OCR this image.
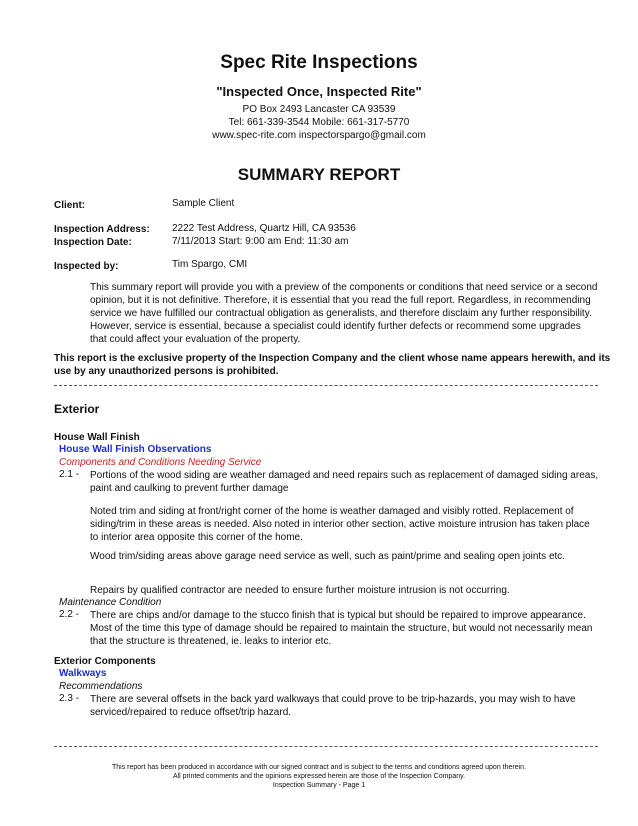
Spec Rite Inspections
"Inspected Once, Inspected Rite"
PO Box 2493 Lancaster CA 93539
Tel: 661-339-3544 Mobile: 661-317-5770
www.spec-rite.com inspectorspargo@gmail.com
SUMMARY REPORT
Client:	Sample Client
Inspection Address: 2222 Test Address, Quartz Hill, CA 93536
Inspection Date:	7/11/2013 Start: 9:00 am End: 11:30 am
Inspected by:	Tim Spargo, CMI
This summary report will provide you with a preview of the components or conditions that need service or a second opinion, but it is not definitive. Therefore, it is essential that you read the full report. Regardless, in recommending service we have fulfilled our contractual obligation as generalists, and therefore disclaim any further responsibility. However, service is essential, because a specialist could identify further defects or recommend some upgrades that could affect your evaluation of the property.
This report is the exclusive property of the Inspection Company and the client whose name appears herewith, and its use by any unauthorized persons is prohibited.
Exterior
House Wall Finish
House Wall Finish Observations
Components and Conditions Needing Service
2.1 - Portions of the wood siding are weather damaged and need repairs such as replacement of damaged siding areas, paint and caulking to prevent further damage
Noted trim and siding at front/right corner of the home is weather damaged and visibly rotted. Replacement of siding/trim in these areas is needed. Also noted in interior other section, active moisture intrusion has taken place to interior area opposite this corner of the home.
Wood trim/siding areas above garage need service as well, such as paint/prime and sealing open joints etc.
Repairs by qualified contractor are needed to ensure further moisture intrusion is not occurring.
Maintenance Condition
2.2 - There are chips and/or damage to the stucco finish that is typical but should be repaired to improve appearance. Most of the time this type of damage should be repaired to maintain the structure, but would not necessarily mean that the structure is threatened, ie. leaks to interior etc.
Exterior Components
Walkways
Recommendations
2.3 - There are several offsets in the back yard walkways that could prove to be trip-hazards, you may wish to have serviced/repaired to reduce offset/trip hazard.
This report has been produced in accordance with our signed contract and is subject to the terms and conditions agreed upon therein.
All printed comments and the opinions expressed herein are those of the Inspection Company.
Inspection Summary - Page 1
